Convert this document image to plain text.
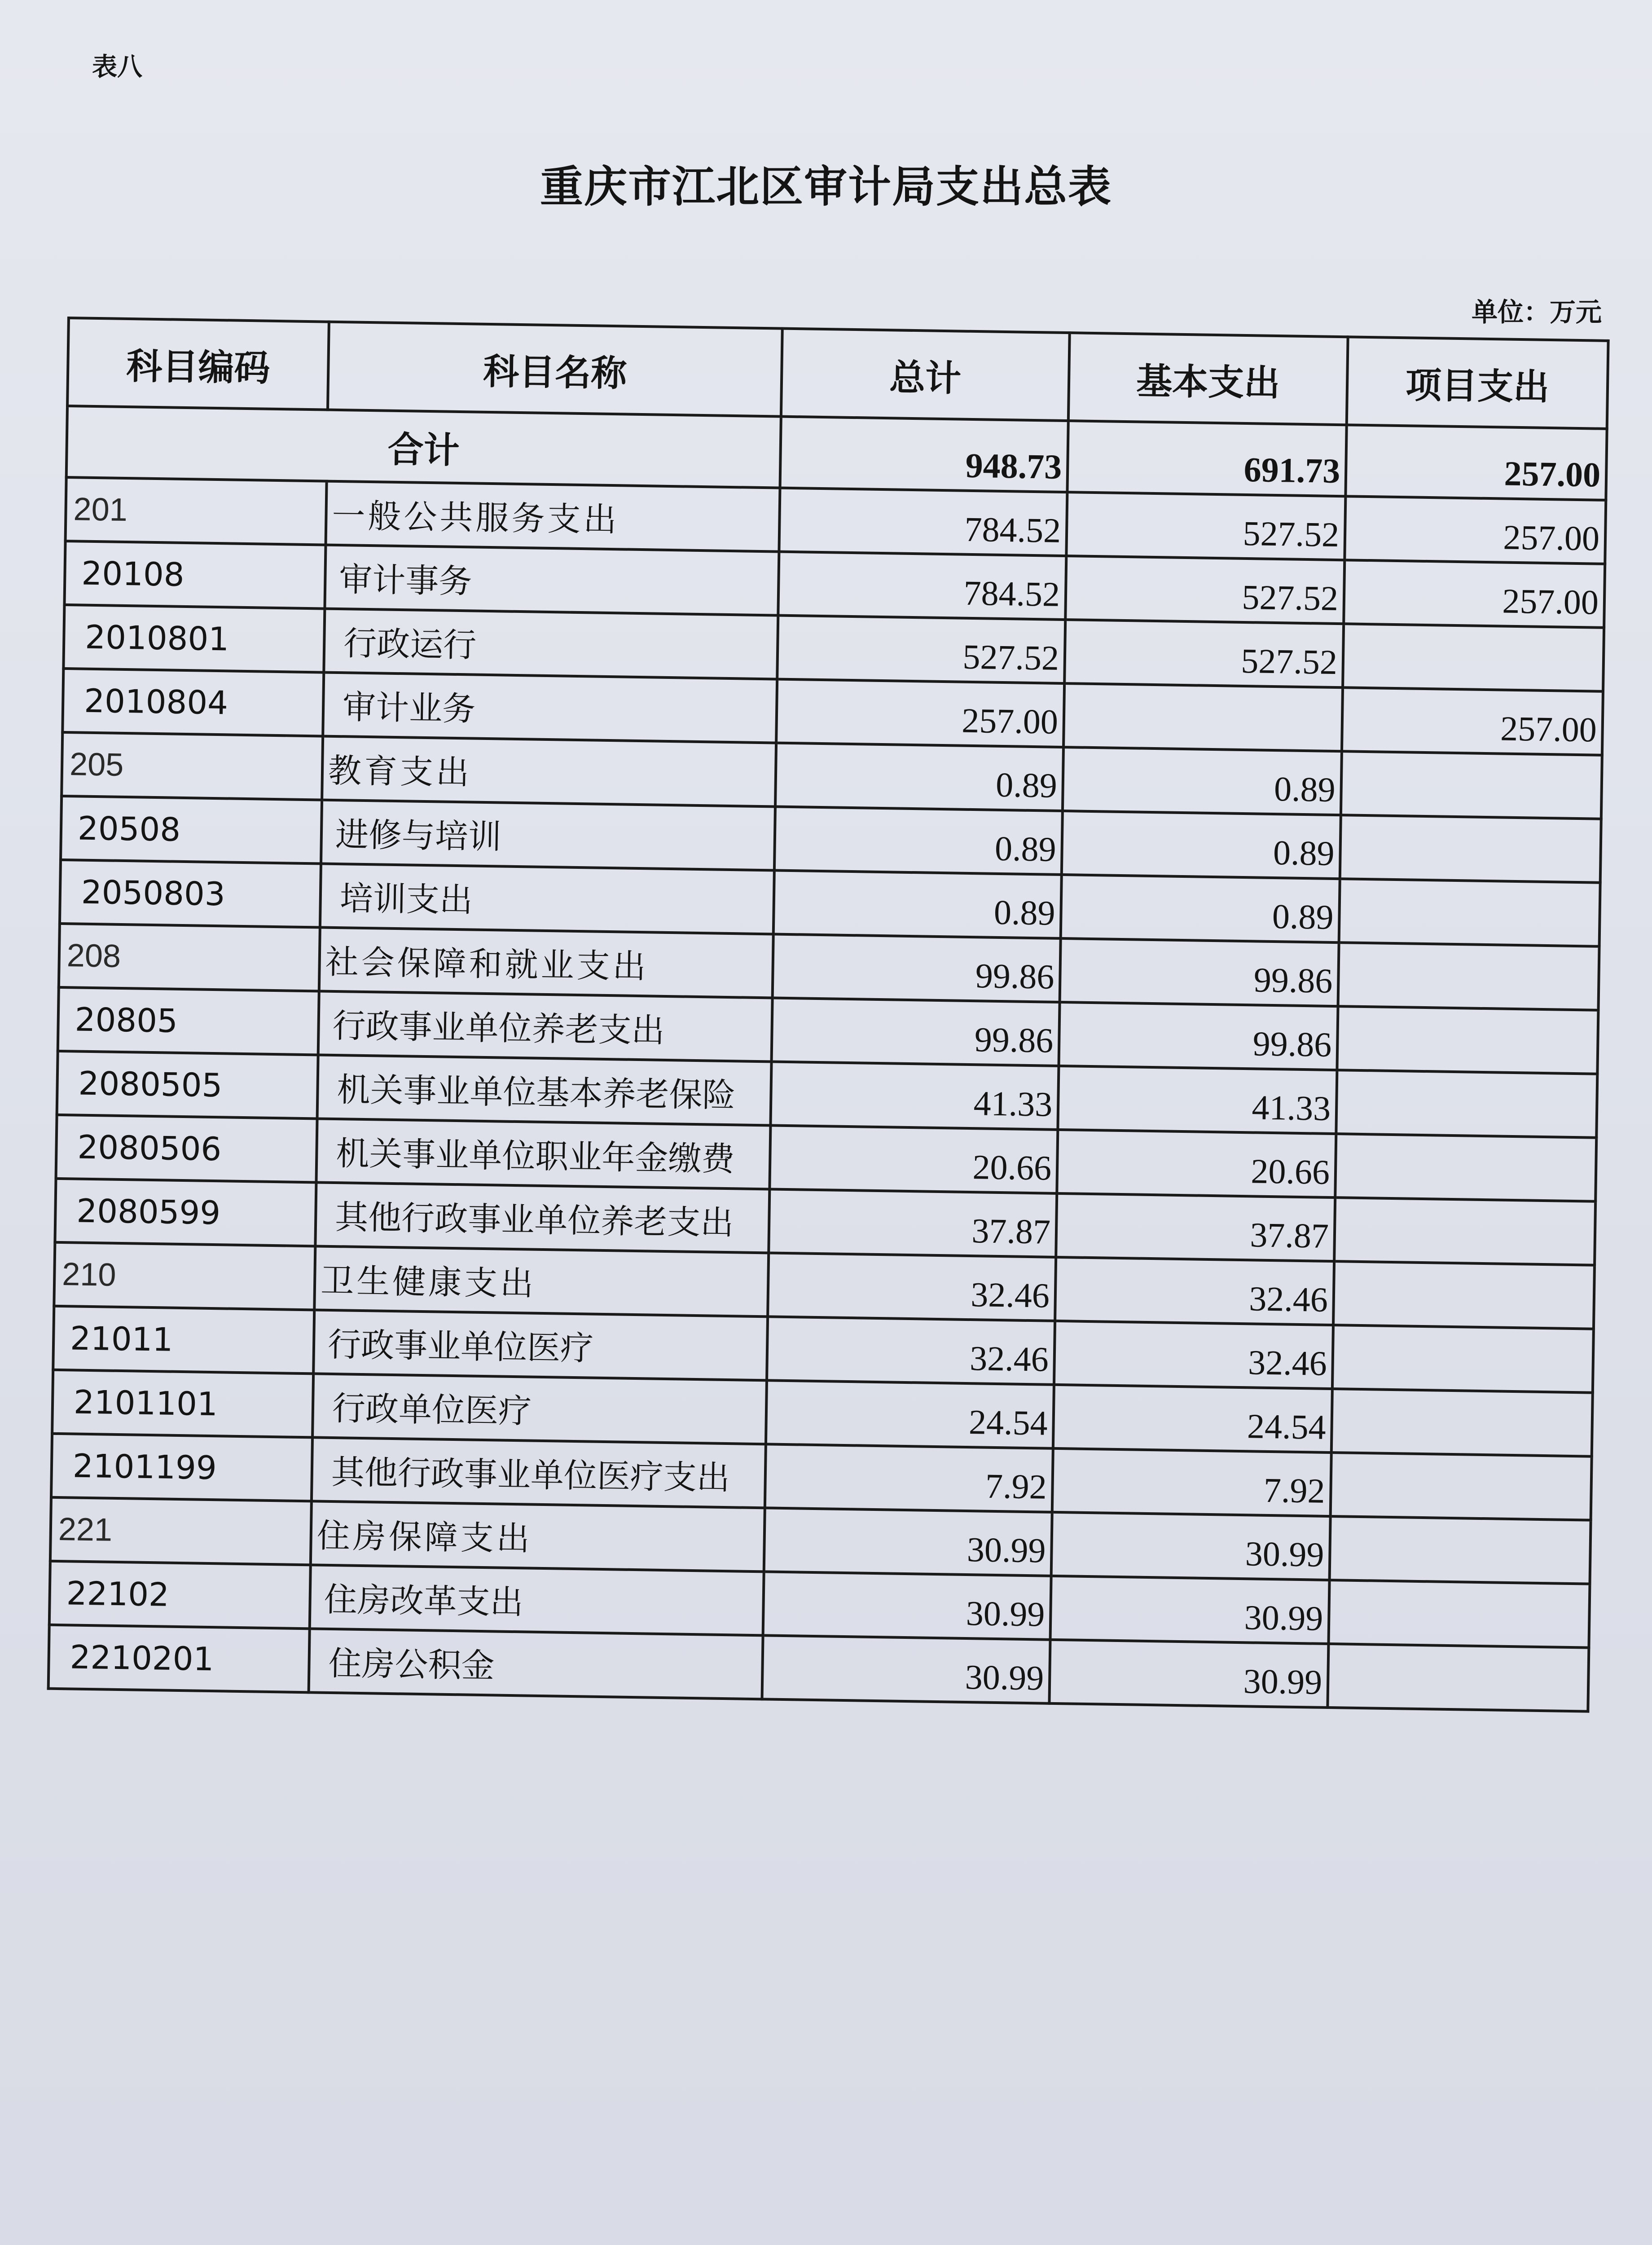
表八
重庆市江北区审计局支出总表
单位：万元
科目编码	科目名称	总计	基本支出	项目支出
合计		948.73	691.73	257.00
201	一般公共服务支出	784.52	527.52	257.00
20108	审计事务	784.52	527.52	257.00
2010801	行政运行	527.52	527.52	
2010804	审计业务	257.00		257.00
205	教育支出	0.89	0.89	
20508	进修与培训	0.89	0.89	
2050803	培训支出	0.89	0.89	
208	社会保障和就业支出	99.86	99.86	
20805	行政事业单位养老支出	99.86	99.86	
2080505	机关事业单位基本养老保险	41.33	41.33	
2080506	机关事业单位职业年金缴费	20.66	20.66	
2080599	其他行政事业单位养老支出	37.87	37.87	
210	卫生健康支出	32.46	32.46	
21011	行政事业单位医疗	32.46	32.46	
2101101	行政单位医疗	24.54	24.54	
2101199	其他行政事业单位医疗支出	7.92	7.92	
221	住房保障支出	30.99	30.99	
22102	住房改革支出	30.99	30.99	
2210201	住房公积金	30.99	30.99	
